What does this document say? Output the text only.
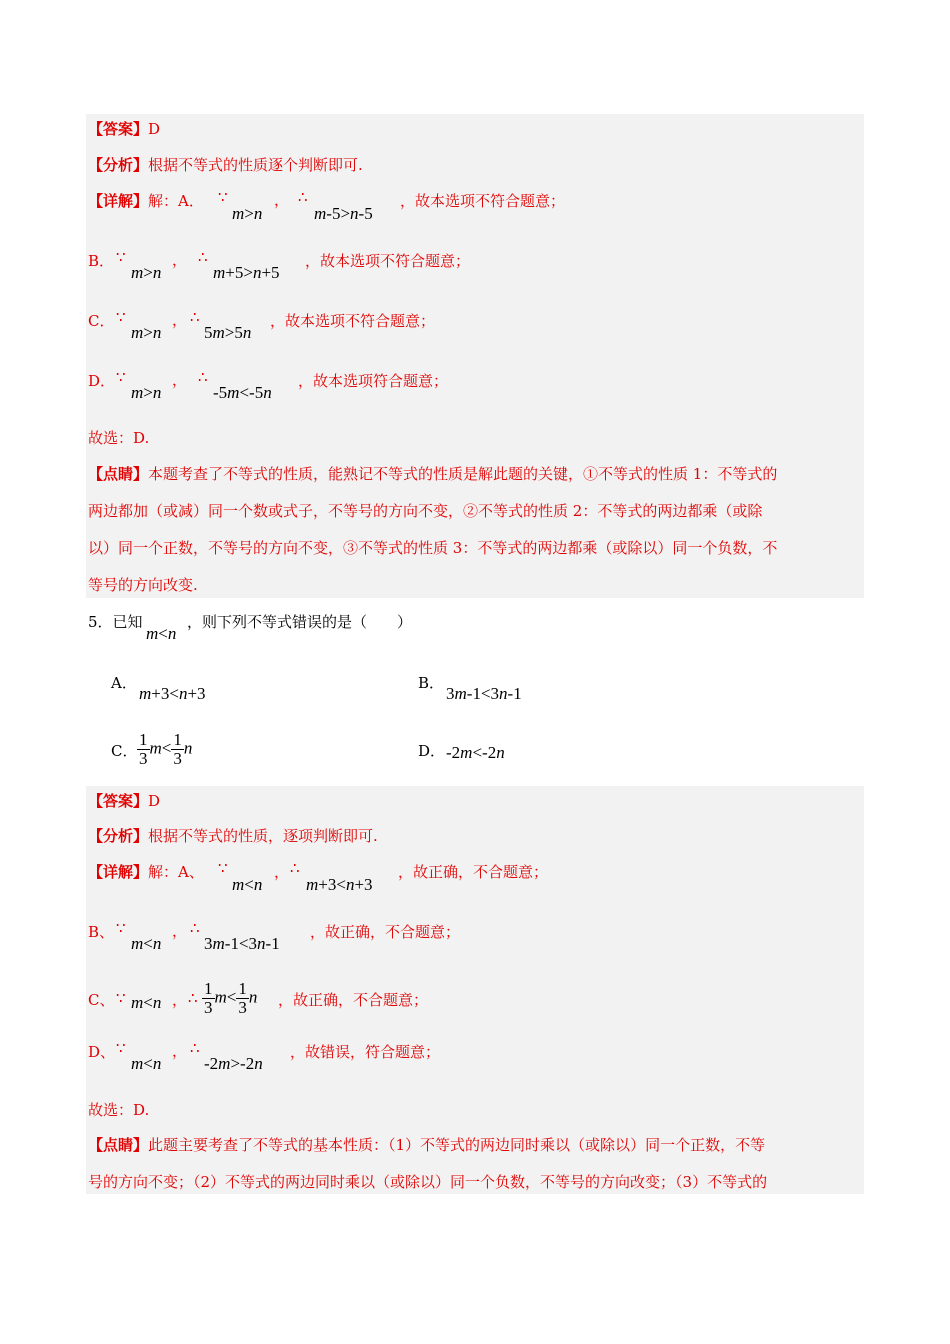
【答案】D
【分析】根据不等式的性质逐个判断即可.
【详解】解：A． ∵
m>n
， ∴
m-5>n-5
，故本选项不符合题意；
B． ∵
m>n
， ∴
m+5>n+5
，故本选项不符合题意；
C． ∵
m>n
， ∴
5m>5n
，故本选项不符合题意；
D． ∵
m>n
， ∴
-5m<-5n
，故本选项符合题意；
故选：D.
【点睛】本题考查了不等式的性质，能熟记不等式的性质是解此题的关键，①不等式的性质 1：不等式的
两边都加（或减）同一个数或式子，不等号的方向不变，②不等式的性质 2：不等式的两边都乘（或除
以）同一个正数，不等号的方向不变，③不等式的性质 3：不等式的两边都乘（或除以）同一个负数，不
等号的方向改变.
5．已知
m<n
，则下列不等式错误的是（　　）
A．
m+3<n+3
B．
3m-1<3n-1
C． $\frac{1}{3} m< \frac{1}{3}$ n	D． -2m<-2n
【答案】D
【分析】根据不等式的性质，逐项判断即可.
【详解】解：A、 ∵
m<n
， ∴
m+3<n+3
，故正确，不合题意；
B、 ∵
m<n
， ∴
3m-1<3n-1
，故正确，不合题意；
C、 ∵ m<n ， ∴ $\frac{1}{3} m< \frac{1}{3}$ n ，故正确，不合题意；
D、 ∵
m<n
， ∴
-2m>-2n
，故错误，符合题意；
故选：D.
【点睛】此题主要考查了不等式的基本性质：（1）不等式的两边同时乘以（或除以）同一个正数，不等
号的方向不变；（2）不等式的两边同时乘以（或除以）同一个负数，不等号的方向改变；（3）不等式的
